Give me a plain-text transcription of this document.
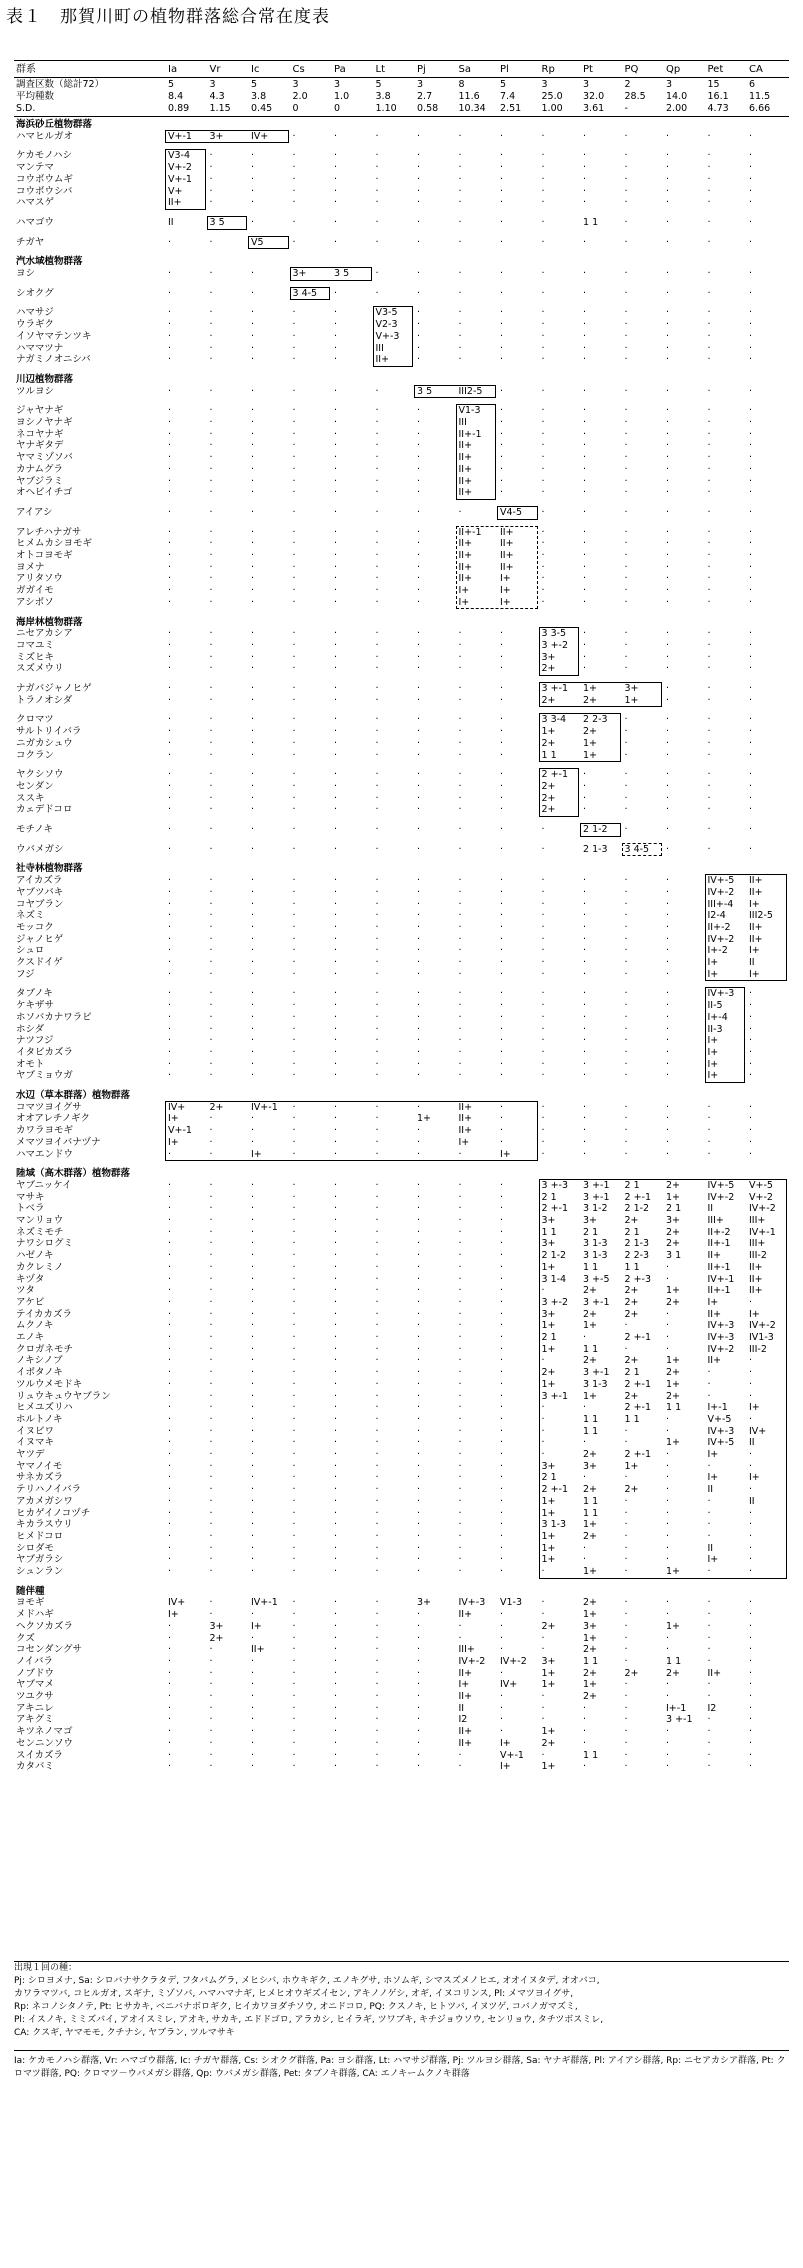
表１　那賀川町の植物群落総合常在度表
群系	Ia	Vr	Ic	Cs	Pa	Lt	Pj	Sa	Pl	Rp	Pt	PQ	Qp	Pet	CA
調査区数（総計72）	5	3	5	3	3	5	3	8	5	3	3	2	3	15	6
平均種数	8.4	4.3	3.8	2.0	1.0	3.8	2.7	11.6	7.4	25.0	32.0	28.5	14.0	16.1	11.5
S.D.	0.89	1.15	0.45	0	0	1.10	0.58	10.34	2.51	1.00	3.61	-	2.00	4.73	6.66
海浜砂丘植物群落
ハマヒルガオ	V+-1	3+	IV+	·	·	·	·	·	·	·	·	·	·	·	·
ケカモノハシ	V3-4	·	·	·	·	·	·	·	·	·	·	·	·	·	·
マンテマ	V+-2	·	·	·	·	·	·	·	·	·	·	·	·	·	·
コウボウムギ	V+-1	·	·	·	·	·	·	·	·	·	·	·	·	·	·
コウボウシバ	V+	·	·	·	·	·	·	·	·	·	·	·	·	·	·
ハマスゲ	II+	·	·	·	·	·	·	·	·	·	·	·	·	·	·
ハマゴウ	II	3 5	·	·	·	·	·	·	·	·	1 1	·	·	·	·
チガヤ	·	·	V5	·	·	·	·	·	·	·	·	·	·	·	·
汽水域植物群落
ヨシ	·	·	·	3+	3 5	·	·	·	·	·	·	·	·	·	·
シオクグ	·	·	·	3 4-5	·	·	·	·	·	·	·	·	·	·	·
ハマサジ	·	·	·	·	·	V3-5	·	·	·	·	·	·	·	·	·
ウラギク	·	·	·	·	·	V2-3	·	·	·	·	·	·	·	·	·
イソヤマテンツキ	·	·	·	·	·	V+-3	·	·	·	·	·	·	·	·	·
ハママツナ	·	·	·	·	·	III	·	·	·	·	·	·	·	·	·
ナガミノオニシバ	·	·	·	·	·	II+	·	·	·	·	·	·	·	·	·
川辺植物群落
ツルヨシ	·	·	·	·	·	·	3 5	III2-5	·	·	·	·	·	·	·
ジャヤナギ	·	·	·	·	·	·	·	V1-3	·	·	·	·	·	·	·
ヨシノヤナギ	·	·	·	·	·	·	·	III	·	·	·	·	·	·	·
ネコヤナギ	·	·	·	·	·	·	·	II+-1	·	·	·	·	·	·	·
ヤナギタデ	·	·	·	·	·	·	·	II+	·	·	·	·	·	·	·
ヤマミゾソバ	·	·	·	·	·	·	·	II+	·	·	·	·	·	·	·
カナムグラ	·	·	·	·	·	·	·	II+	·	·	·	·	·	·	·
ヤブジラミ	·	·	·	·	·	·	·	II+	·	·	·	·	·	·	·
オヘビイチゴ	·	·	·	·	·	·	·	II+	·	·	·	·	·	·	·
アイアシ	·	·	·	·	·	·	·	·	V4-5	·	·	·	·	·	·
アレチハナガサ	·	·	·	·	·	·	·	II+-1	II+	·	·	·	·	·	·
ヒメムカシヨモギ	·	·	·	·	·	·	·	II+	II+	·	·	·	·	·	·
オトコヨモギ	·	·	·	·	·	·	·	II+	II+	·	·	·	·	·	·
ヨメナ	·	·	·	·	·	·	·	II+	II+	·	·	·	·	·	·
アリタソウ	·	·	·	·	·	·	·	II+	I+	·	·	·	·	·	·
ガガイモ	·	·	·	·	·	·	·	I+	I+	·	·	·	·	·	·
アシボソ	·	·	·	·	·	·	·	I+	I+	·	·	·	·	·	·
海岸林植物群落
ニセアカシア	·	·	·	·	·	·	·	·	·	3 3-5	·	·	·	·	·
コマユミ	·	·	·	·	·	·	·	·	·	3 +-2	·	·	·	·	·
ミズヒキ	·	·	·	·	·	·	·	·	·	3+	·	·	·	·	·
スズメウリ	·	·	·	·	·	·	·	·	·	2+	·	·	·	·	·
ナガバジャノヒゲ	·	·	·	·	·	·	·	·	·	3 +-1	1+	3+	·	·	·
トラノオシダ	·	·	·	·	·	·	·	·	·	2+	2+	1+	·	·	·
クロマツ	·	·	·	·	·	·	·	·	·	3 3-4	2 2-3	·	·	·	·
サルトリイバラ	·	·	·	·	·	·	·	·	·	1+	2+	·	·	·	·
ニガカシュウ	·	·	·	·	·	·	·	·	·	2+	1+	·	·	·	·
コクラン	·	·	·	·	·	·	·	·	·	1 1	1+	·	·	·	·
ヤクシソウ	·	·	·	·	·	·	·	·	·	2 +-1	·	·	·	·	·
センダン	·	·	·	·	·	·	·	·	·	2+	·	·	·	·	·
ススキ	·	·	·	·	·	·	·	·	·	2+	·	·	·	·	·
カェデドコロ	·	·	·	·	·	·	·	·	·	2+	·	·	·	·	·
モチノキ	·	·	·	·	·	·	·	·	·	·	2 1-2	·	·	·	·
ウバメガシ	·	·	·	·	·	·	·	·	·	·	2 1-3	3 4-5	·	·	·
社寺林植物群落
アイカズラ	·	·	·	·	·	·	·	·	·	·	·	·	·	IV+-5	II+
ヤブツバキ	·	·	·	·	·	·	·	·	·	·	·	·	·	IV+-2	II+
コヤブラン	·	·	·	·	·	·	·	·	·	·	·	·	·	III+-4	I+
ネズミ	·	·	·	·	·	·	·	·	·	·	·	·	·	I2-4	III2-5
モッコク	·	·	·	·	·	·	·	·	·	·	·	·	·	II+-2	II+
ジャノヒゲ	·	·	·	·	·	·	·	·	·	·	·	·	·	IV+-2	II+
シュロ	·	·	·	·	·	·	·	·	·	·	·	·	·	I+-2	I+
クスドイゲ	·	·	·	·	·	·	·	·	·	·	·	·	·	I+	II
フジ	·	·	·	·	·	·	·	·	·	·	·	·	·	I+	I+
タブノキ	·	·	·	·	·	·	·	·	·	·	·	·	·	IV+-3	·
ケキザサ	·	·	·	·	·	·	·	·	·	·	·	·	·	II-5	·
ホソバカナワラビ	·	·	·	·	·	·	·	·	·	·	·	·	·	I+-4	·
ホシダ	·	·	·	·	·	·	·	·	·	·	·	·	·	II-3	·
ナツフジ	·	·	·	·	·	·	·	·	·	·	·	·	·	I+	·
イタビカズラ	·	·	·	·	·	·	·	·	·	·	·	·	·	I+	·
オモト	·	·	·	·	·	·	·	·	·	·	·	·	·	I+	·
ヤブミョウガ	·	·	·	·	·	·	·	·	·	·	·	·	·	I+	·
水辺（草本群落）植物群落
コマツヨイグサ	IV+	2+	IV+-1	·	·	·	·	II+	·	·	·	·	·	·	·
オオアレチノギク	I+	·	·	·	·	·	1+	II+	·	·	·	·	·	·	·
カワラヨモギ	V+-1	·	·	·	·	·	·	II+	·	·	·	·	·	·	·
メマツヨイバナヅナ	I+	·	·	·	·	·	·	I+	·	·	·	·	·	·	·
ハマエンドウ	·	·	I+	·	·	·	·	·	I+	·	·	·	·	·	·
陸域（高木群落）植物群落
ヤブニッケイ	·	·	·	·	·	·	·	·	·	3 +-3	3 +-1	2 1	2+	IV+-5	V+-5
マサキ	·	·	·	·	·	·	·	·	·	2 1	3 +-1	2 +-1	1+	IV+-2	V+-2
トベラ	·	·	·	·	·	·	·	·	·	2 +-1	3 1-2	2 1-2	2 1	II	IV+-2
マンリョウ	·	·	·	·	·	·	·	·	·	3+	3+	2+	3+	III+	III+
ネズミモチ	·	·	·	·	·	·	·	·	·	1 1	2 1	2 1	2+	II+-2	IV+-1
ナワシログミ	·	·	·	·	·	·	·	·	·	3+	3 1-3	2 1-3	2+	II+-1	III+
ハゼノキ	·	·	·	·	·	·	·	·	·	2 1-2	3 1-3	2 2-3	3 1	II+	III-2
カクレミノ	·	·	·	·	·	·	·	·	·	1+	1 1	1 1	·	II+-1	II+
キヅタ	·	·	·	·	·	·	·	·	·	3 1-4	3 +-5	2 +-3	·	IV+-1	II+
ツタ	·	·	·	·	·	·	·	·	·	·	2+	2+	1+	II+-1	II+
アケビ	·	·	·	·	·	·	·	·	·	3 +-2	3 +-1	2+	2+	I+	·
テイカカズラ	·	·	·	·	·	·	·	·	·	3+	2+	2+	·	II+	I+
ムクノキ	·	·	·	·	·	·	·	·	·	1+	1+	·	·	IV+-3	IV+-2
エノキ	·	·	·	·	·	·	·	·	·	2 1	·	2 +-1	·	IV+-3	IV1-3
クロガネモチ	·	·	·	·	·	·	·	·	·	1+	1 1	·	·	IV+-2	III-2
ノキシノブ	·	·	·	·	·	·	·	·	·	·	2+	2+	1+	II+	·
イボタノキ	·	·	·	·	·	·	·	·	·	2+	3 +-1	2 1	2+	·	·
ツルウメモドキ	·	·	·	·	·	·	·	·	·	1+	3 1-3	2 +-1	1+	·	·
リュウキュウヤブラン	·	·	·	·	·	·	·	·	·	3 +-1	1+	2+	2+	·	·
ヒメユズリハ	·	·	·	·	·	·	·	·	·	·	·	2 +-1	1 1	I+-1	I+
ホルトノキ	·	·	·	·	·	·	·	·	·	·	1 1	1 1	·	V+-5	·
イヌビワ	·	·	·	·	·	·	·	·	·	·	1 1	·	·	IV+-3	IV+
イヌマキ	·	·	·	·	·	·	·	·	·	·	·	·	1+	IV+-5	II
ヤツデ	·	·	·	·	·	·	·	·	·	·	2+	2 +-1	·	I+	·
ヤマノイモ	·	·	·	·	·	·	·	·	·	3+	3+	1+	·	·	·
サネカズラ	·	·	·	·	·	·	·	·	·	2 1	·	·	·	I+	I+
テリハノイバラ	·	·	·	·	·	·	·	·	·	2 +-1	2+	2+	·	II	·
アカメガシワ	·	·	·	·	·	·	·	·	·	1+	1 1	·	·	·	II
ヒカゲイノコヅチ	·	·	·	·	·	·	·	·	·	1+	1 1	·	·	·	·
キカラスウリ	·	·	·	·	·	·	·	·	·	3 1-3	1+	·	·	·	·
ヒメドコロ	·	·	·	·	·	·	·	·	·	1+	2+	·	·	·	·
シロダモ	·	·	·	·	·	·	·	·	·	1+	·	·	·	II	·
ヤブガラシ	·	·	·	·	·	·	·	·	·	1+	·	·	·	I+	·
シュンラン	·	·	·	·	·	·	·	·	·	·	1+	·	1+	·	·
随伴種
ヨモギ	IV+	·	IV+-1	·	·	·	3+	IV+-3	V1-3	·	2+	·	·	·	·
メドハギ	I+	·	·	·	·	·	·	II+	·	·	1+	·	·	·	·
ヘクソカズラ	·	3+	I+	·	·	·	·	·	·	2+	3+	·	1+	·	·
クズ	·	2+	·	·	·	·	·	·	·	·	1+	·	·	·	·
コセンダングサ	·	·	II+	·	·	·	·	III+	·	·	2+	·	·	·	·
ノイバラ	·	·	·	·	·	·	·	IV+-2	IV+-2	3+	1 1	·	1 1	·	·
ノブドウ	·	·	·	·	·	·	·	II+	·	1+	2+	2+	2+	II+	·
ヤブマメ	·	·	·	·	·	·	·	I+	IV+	1+	1+	·	·	·	·
ツユクサ	·	·	·	·	·	·	·	II+	·	·	2+	·	·	·	·
アキニレ	·	·	·	·	·	·	·	II	·	·	·	·	I+-1	I2	·
アキグミ	·	·	·	·	·	·	·	I2	·	·	·	·	3 +-1	·	·
キツネノマゴ	·	·	·	·	·	·	·	II+	·	1+	·	·	·	·	·
センニンソウ	·	·	·	·	·	·	·	II+	I+	2+	·	·	·	·	·
スイカズラ	·	·	·	·	·	·	·	·	V+-1	·	1 1	·	·	·	·
カタバミ	·	·	·	·	·	·	·	·	I+	1+	·	·	·	·	·
出現１回の種：
Pj: シロヨメナ, Sa: シロバナサクラタデ, フタバムグラ, メヒシバ, ホウキギク, エノキグサ, ホソムギ, シマスズメノヒエ, オオイヌタデ, オオバコ,
カワラマツバ, コヒルガオ, スギナ, ミゾソバ, ハマハマナギ, ヒメヒオウギズイセン, アキノノゲシ, オギ, イヌコリンス, Pl: メマツヨイグサ,
Rp: ネコノシタノテ, Pt: ヒサカキ, ベニバナボロギク, ヒイカワヨダチソウ, オニドコロ, PQ: クスノキ, ヒトツバ, イヌツゲ, コバノガマズミ,
Pl: イスノキ, ミミズバイ, アオイスミレ, アオキ, サカキ, エドドゴロ, アラカシ, ヒイラギ, ツワブキ, キチジョウソウ, センリョウ, タチツボスミレ,
CA: クスギ, ヤマモモ, クチナシ, ヤブラン, ツルマサキ
Ia: ケカモノハシ群落, Vr: ハマゴウ群落, Ic: チガヤ群落, Cs: シオクグ群落, Pa: ヨシ群落, Lt: ハマサジ群落, Pj: ツルヨシ群落, Sa: ヤナギ群落, Pl: アイアシ群落, Rp: ニセアカシア群落, Pt: クロマツ群落, PQ: クロマツ－ウバメガシ群落, Qp: ウバメガシ群落, Pet: タブノキ群落, CA: エノキームクノキ群落
